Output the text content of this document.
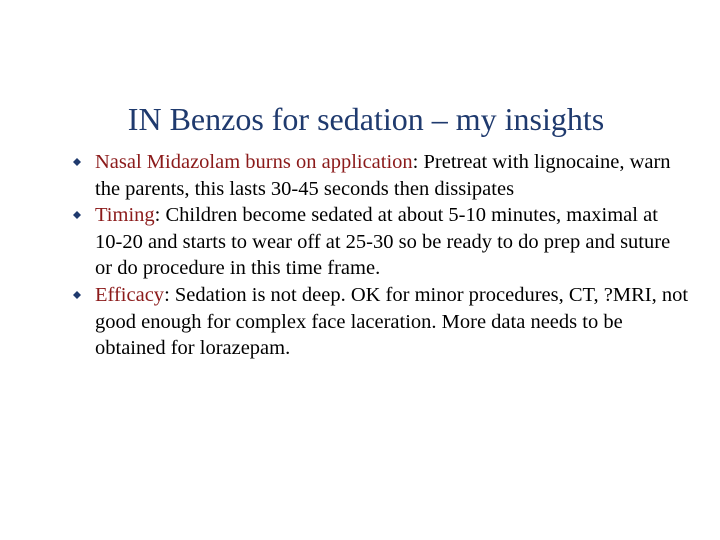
IN Benzos for sedation – my insights
Nasal Midazolam burns on application: Pretreat with lignocaine, warn the parents, this lasts 30-45 seconds then dissipates
Timing: Children become sedated at about 5-10 minutes, maximal at 10-20 and starts to wear off at 25-30 so be ready to do prep and suture or do procedure in this time frame.
Efficacy: Sedation is not deep. OK for minor procedures, CT, ?MRI, not good enough for complex face laceration. More data needs to be obtained for lorazepam.
